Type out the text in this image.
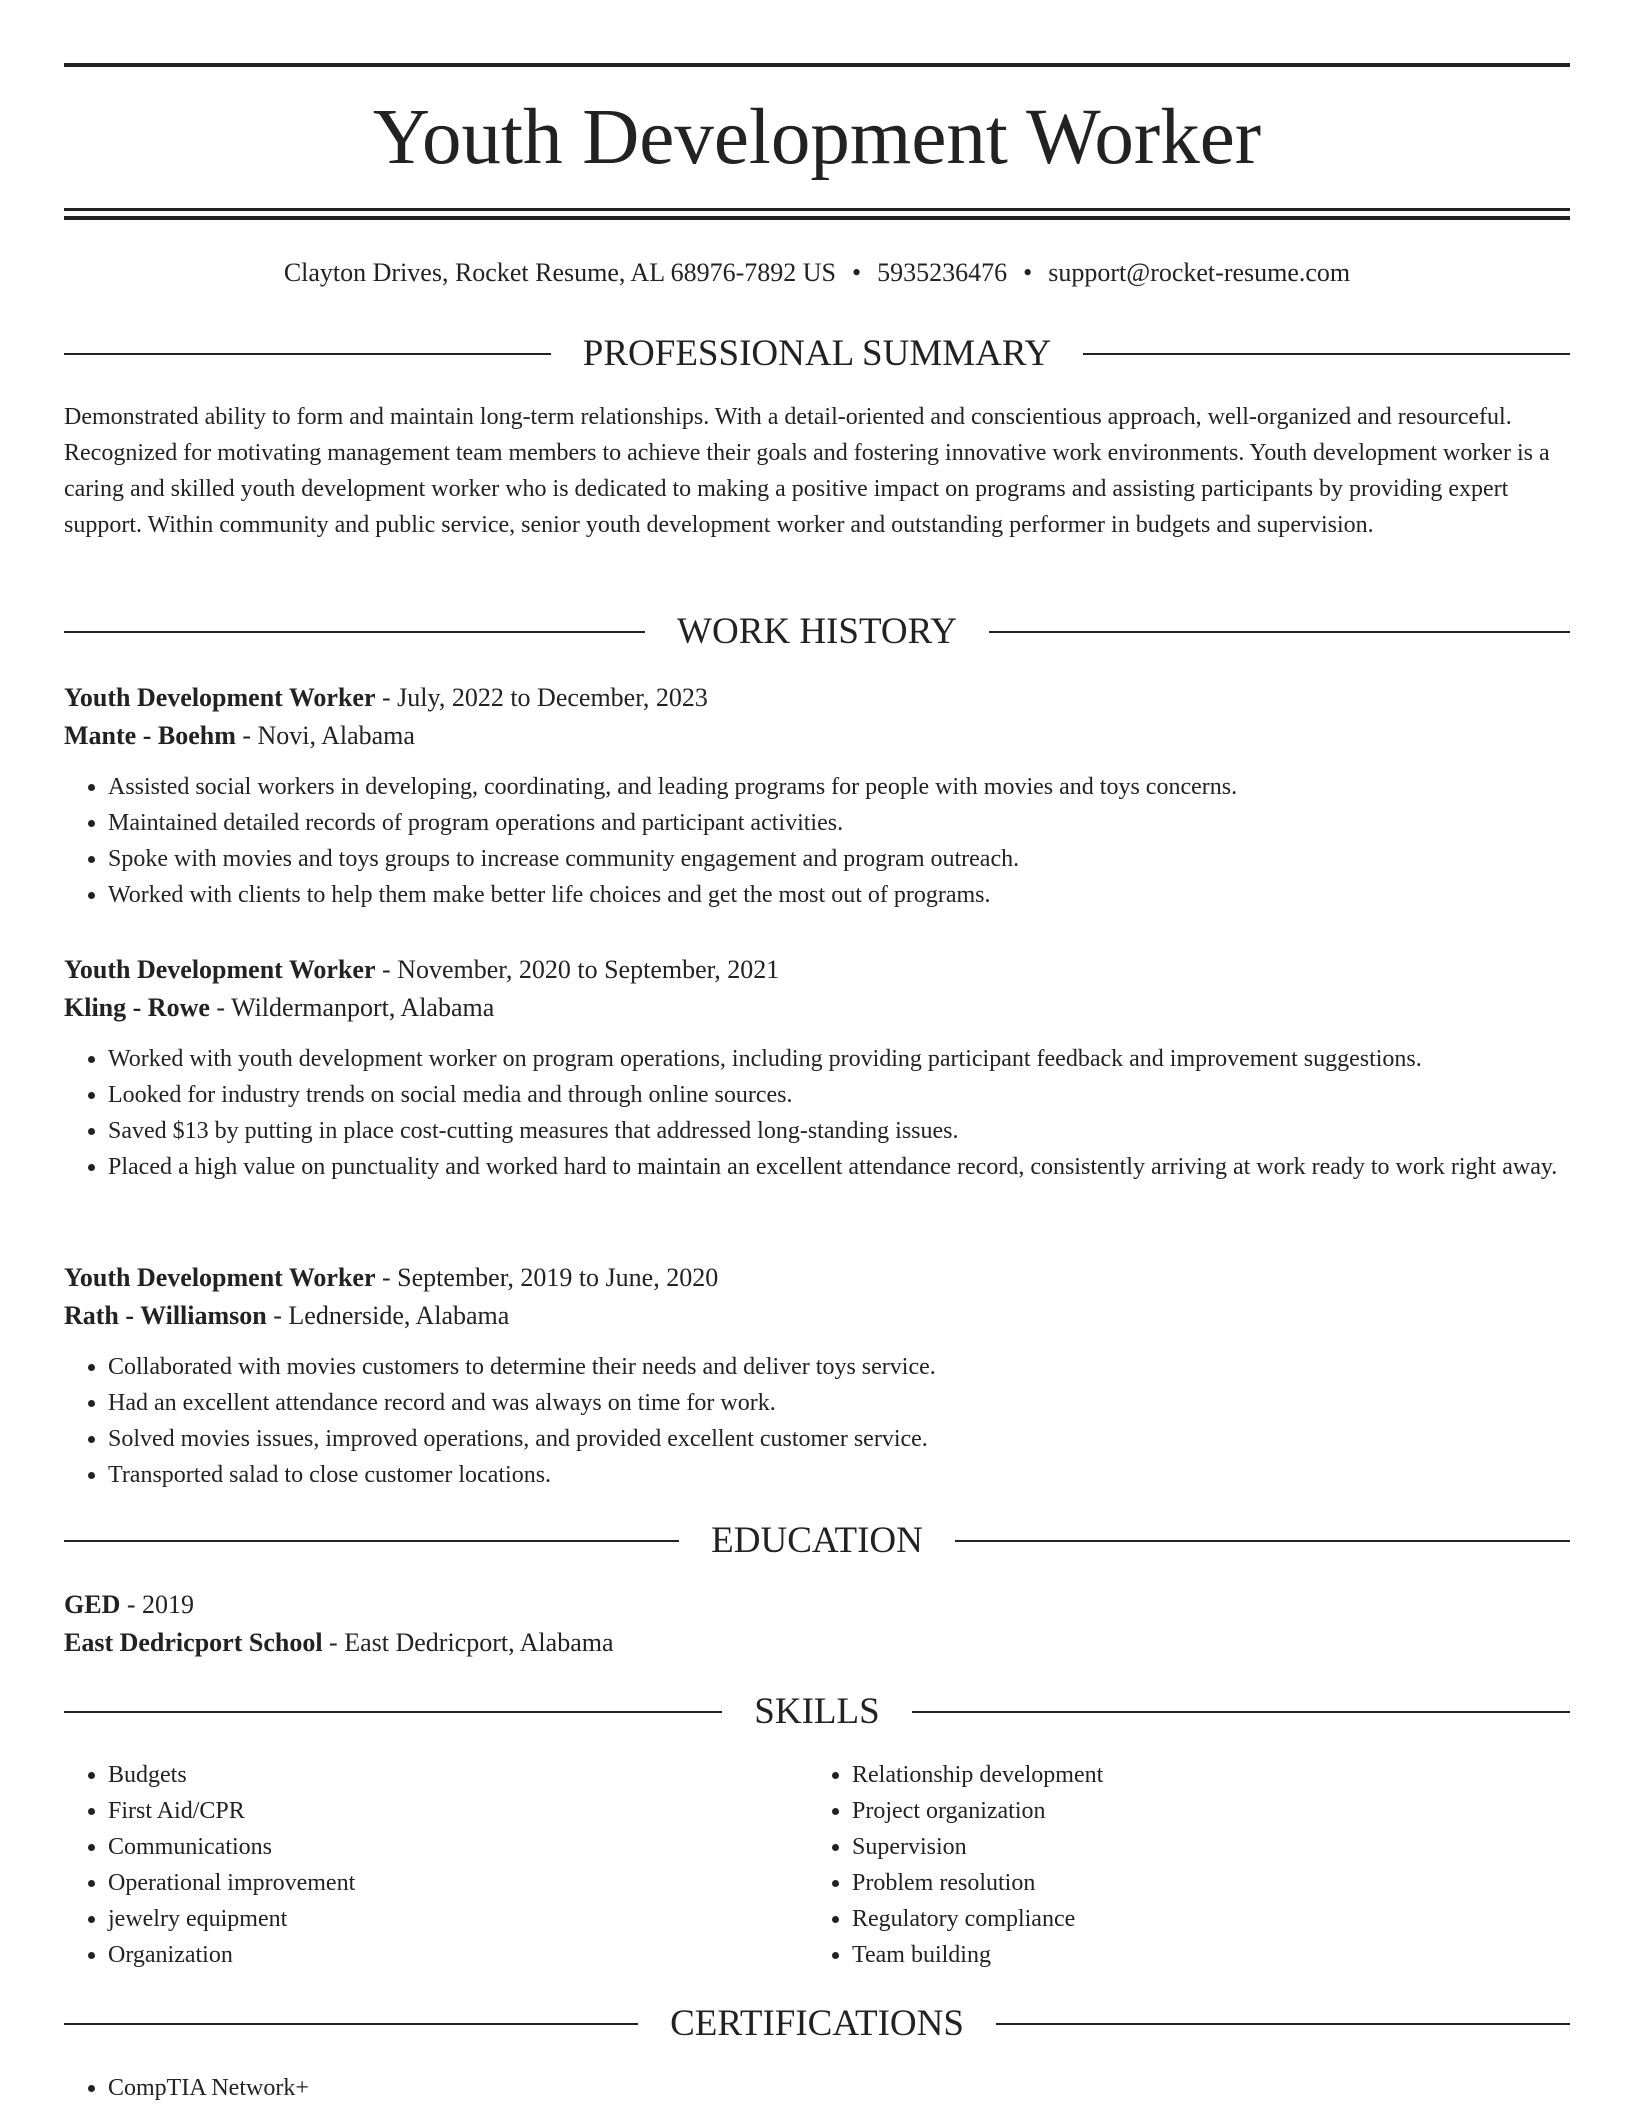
Youth Development Worker
Clayton Drives, Rocket Resume, AL 68976-7892 US • 5935236476 • support@rocket-resume.com
PROFESSIONAL SUMMARY

Demonstrated ability to form and maintain long-term relationships. With a detail-oriented and conscientious approach, well-organized and resourceful. Recognized for motivating management team members to achieve their goals and fostering innovative work environments. Youth development worker is a caring and skilled youth development worker who is dedicated to making a positive impact on programs and assisting participants by providing expert support. Within community and public service, senior youth development worker and outstanding performer in budgets and supervision.

WORK HISTORY
Youth Development Worker - July, 2022 to December, 2023
Mante - Boehm - Novi, Alabama
• Assisted social workers in developing, coordinating, and leading programs for people with movies and toys concerns.
• Maintained detailed records of program operations and participant activities.
• Spoke with movies and toys groups to increase community engagement and program outreach.
• Worked with clients to help them make better life choices and get the most out of programs.
Youth Development Worker - November, 2020 to September, 2021
Kling - Rowe - Wildermanport, Alabama
• Worked with youth development worker on program operations, including providing participant feedback and improvement suggestions.
• Looked for industry trends on social media and through online sources.
• Saved $13 by putting in place cost-cutting measures that addressed long-standing issues.
• Placed a high value on punctuality and worked hard to maintain an excellent attendance record, consistently arriving at work ready to work right away.
Youth Development Worker - September, 2019 to June, 2020
Rath - Williamson - Lednerside, Alabama
• Collaborated with movies customers to determine their needs and deliver toys service.
• Had an excellent attendance record and was always on time for work.
• Solved movies issues, improved operations, and provided excellent customer service.
• Transported salad to close customer locations.
EDUCATION
GED - 2019
East Dedricport School - East Dedricport, Alabama
SKILLS
• Budgets
• First Aid/CPR
• Communications
• Operational improvement
• jewelry equipment
• Organization
• Relationship development
• Project organization
• Supervision
• Problem resolution
• Regulatory compliance
• Team building
CERTIFICATIONS
• CompTIA Network+
